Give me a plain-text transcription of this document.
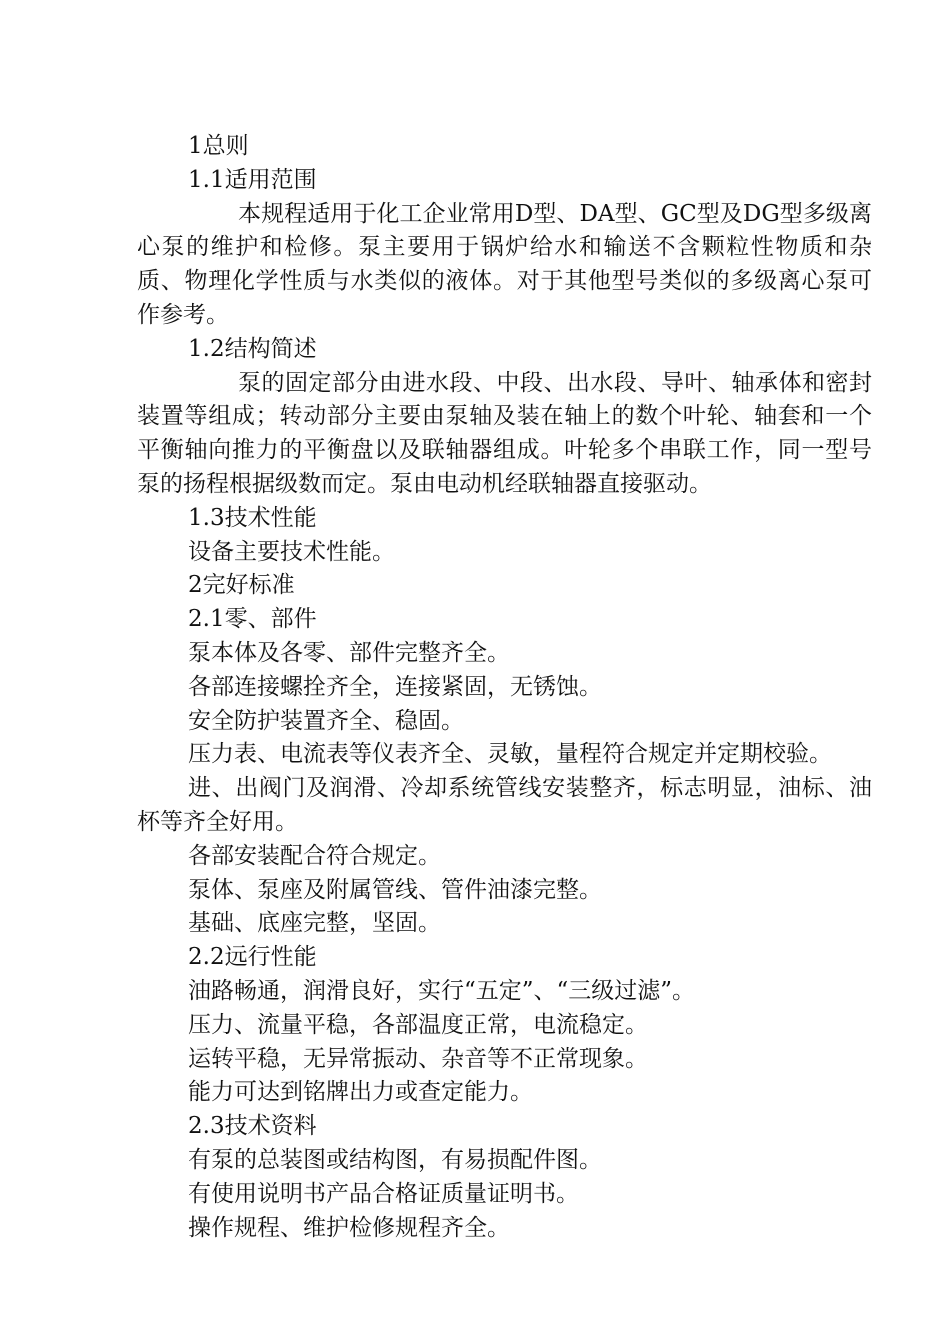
1总则

1.1适用范围

本规程适用于化工企业常用D型、DA型、GC型及DG型多级离心泵的维护和检修。泵主要用于锅炉给水和输送不含颗粒性物质和杂质、物理化学性质与水类似的液体。对于其他型号类似的多级离心泵可作参考。

1.2结构简述

泵的固定部分由进水段、中段、出水段、导叶、轴承体和密封装置等组成；转动部分主要由泵轴及装在轴上的数个叶轮、轴套和一个平衡轴向推力的平衡盘以及联轴器组成。叶轮多个串联工作，同一型号泵的扬程根据级数而定。泵由电动机经联轴器直接驱动。

1.3技术性能

设备主要技术性能。

2完好标准

2.1零、部件

泵本体及各零、部件完整齐全。

各部连接螺拴齐全，连接紧固，无锈蚀。

安全防护装置齐全、稳固。

压力表、电流表等仪表齐全、灵敏，量程符合规定并定期校验。

进、出阀门及润滑、冷却系统管线安装整齐，标志明显，油标、油杯等齐全好用。

各部安装配合符合规定。

泵体、泵座及附属管线、管件油漆完整。

基础、底座完整，坚固。

2.2远行性能

油路畅通，润滑良好，实行“五定”、“三级过滤”。

压力、流量平稳，各部温度正常，电流稳定。

运转平稳，无异常振动、杂音等不正常现象。

能力可达到铭牌出力或查定能力。

2.3技术资料

有泵的总装图或结构图，有易损配件图。

有使用说明书产品合格证质量证明书。

操作规程、维护检修规程齐全。
